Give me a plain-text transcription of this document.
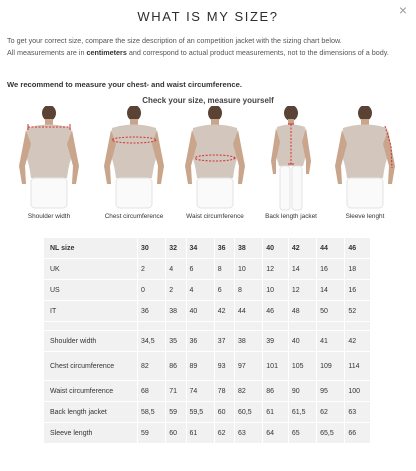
×
WHAT IS MY SIZE?

To get your correct size, compare the size description of an competition jacket with the sizing chart below.

All measurements are in centimeters and correspond to actual product measurements, not to the dimensions of a body.

We recommend to measure your chest- and waist circumference.
Check your size, measure yourself
Shoulder width	Chest circumference	Waist circumference	Back length jacket	Sleeve lenght
NL size	30	32	34	36	38	40	42	44	46
UK	2	4	6	8	10	12	14	16	18
US	0	2	4	6	8	10	12	14	16
IT	36	38	40	42	44	46	48	50	52

Shoulder width	34,5	35	36	37	38	39	40	41	42
Chest circumference	82	86	89	93	97	101	105	109	114
Waist circumference	68	71	74	78	82	86	90	95	100
Back length jacket	58,5	59	59,5	60	60,5	61	61,5	62	63
Sleeve length	59	60	61	62	63	64	65	65,5	66
